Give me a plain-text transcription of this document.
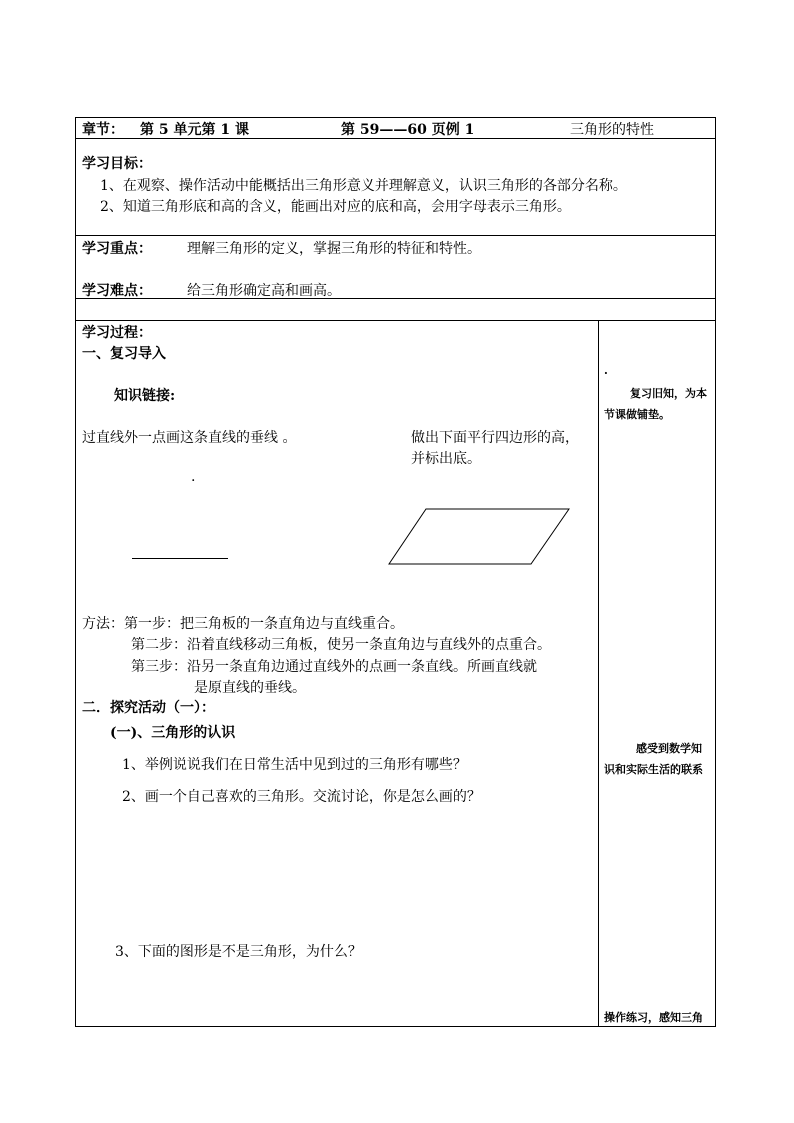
章节： 第 5 单元第 1 课	第 59——60 页例 1	三角形的特性
学习目标：
1、在观察、操作活动中能概括出三角形意义并理解意义，认识三角形的各部分名称。
2、知道三角形底和高的含义，能画出对应的底和高，会用字母表示三角形。
学习重点：	理解三角形的定义，掌握三角形的特征和特性。
学习难点：	给三角形确定高和画高。
学习过程：
一、复习导入
知识链接:
过直线外一点画这条直线的垂线 。	做出下面平行四边形的高，
并标出底。
.
方法：第一步：把三角板的一条直角边与直线重合。
第二步：沿着直线移动三角板，使另一条直角边与直线外的点重合。
第三步：沿另一条直角边通过直线外的点画一条直线。所画直线就
是原直线的垂线。
二．探究活动（一）：
(一)、三角形的认识
1、举例说说我们在日常生活中见到过的三角形有哪些？
2、画一个自己喜欢的三角形。交流讨论，你是怎么画的？
3、下面的图形是不是三角形，为什么？
.
复习旧知，为本
节课做铺垫。
感受到数学知
识和实际生活的联系
操作练习，感知三角
